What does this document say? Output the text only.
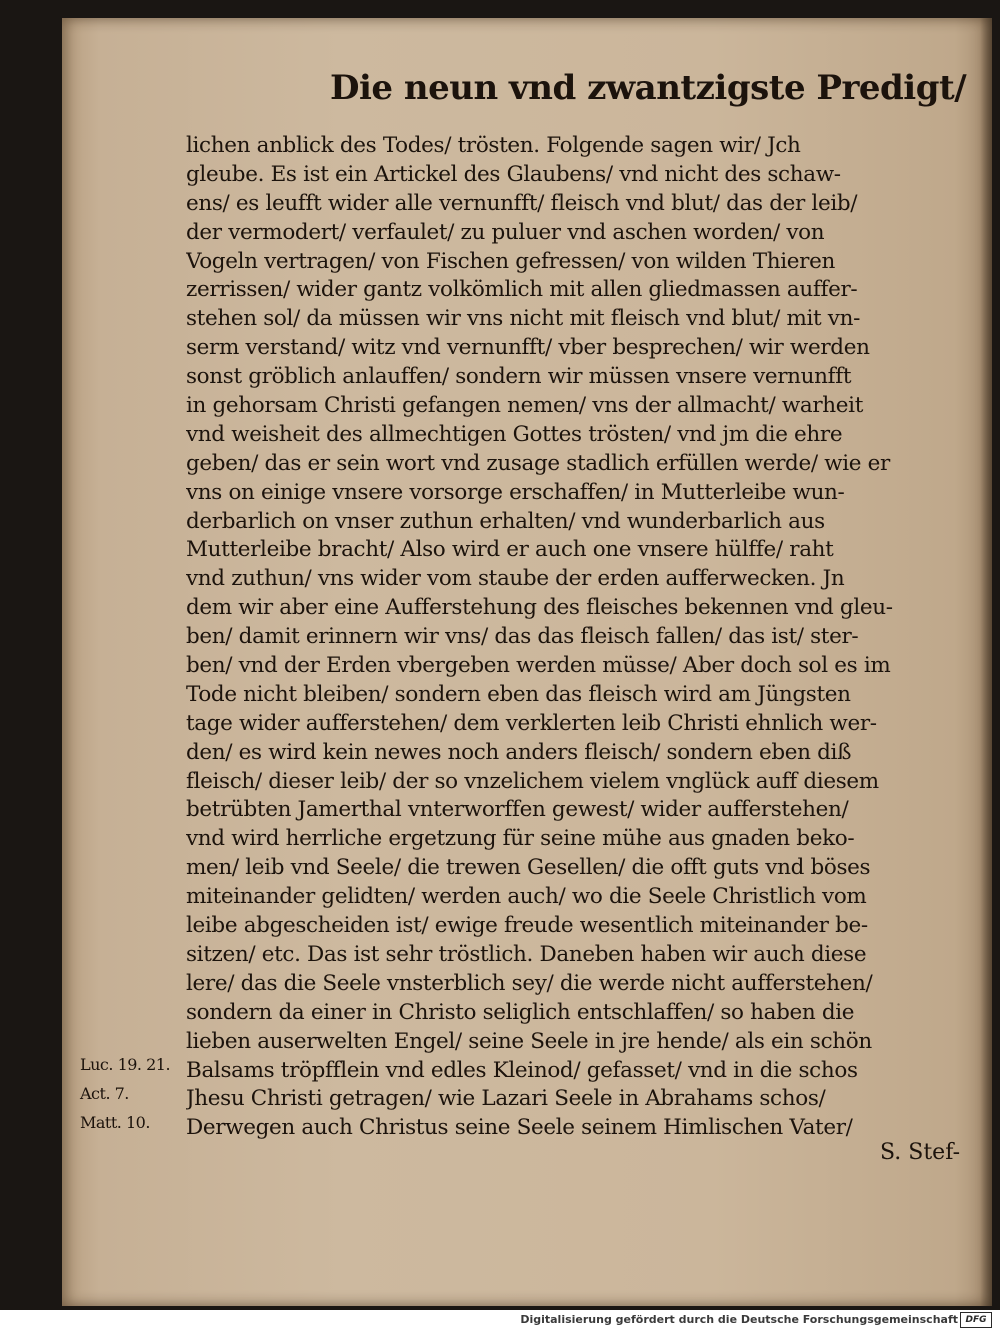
Die neun vnd zwantzigste Predigt/
lichen anblick des Todes/ trösten. Folgende sagen wir/ Jch
gleube. Es ist ein Artickel des Glaubens/ vnd nicht des schaw-
ens/ es leufft wider alle vernunfft/ fleisch vnd blut/ das der leib/
der vermodert/ verfaulet/ zu puluer vnd aschen worden/ von
Vogeln vertragen/ von Fischen gefressen/ von wilden Thieren
zerrissen/ wider gantz volkömlich mit allen gliedmassen auffer-
stehen sol/ da müssen wir vns nicht mit fleisch vnd blut/ mit vn-
serm verstand/ witz vnd vernunfft/ vber besprechen/ wir werden
sonst gröblich anlauffen/ sondern wir müssen vnsere vernunfft
in gehorsam Christi gefangen nemen/ vns der allmacht/ warheit
vnd weisheit des allmechtigen Gottes trösten/ vnd jm die ehre
geben/ das er sein wort vnd zusage stadlich erfüllen werde/ wie er
vns on einige vnsere vorsorge erschaffen/ in Mutterleibe wun-
derbarlich on vnser zuthun erhalten/ vnd wunderbarlich aus
Mutterleibe bracht/ Also wird er auch one vnsere hülffe/ raht
vnd zuthun/ vns wider vom staube der erden aufferwecken. Jn
dem wir aber eine Aufferstehung des fleisches bekennen vnd gleu-
ben/ damit erinnern wir vns/ das das fleisch fallen/ das ist/ ster-
ben/ vnd der Erden vbergeben werden müsse/ Aber doch sol es im
Tode nicht bleiben/ sondern eben das fleisch wird am Jüngsten
tage wider aufferstehen/ dem verklerten leib Christi ehnlich wer-
den/ es wird kein newes noch anders fleisch/ sondern eben diß
fleisch/ dieser leib/ der so vnzelichem vielem vnglück auff diesem
betrübten Jamerthal vnterworffen gewest/ wider aufferstehen/
vnd wird herrliche ergetzung für seine mühe aus gnaden beko-
men/ leib vnd Seele/ die trewen Gesellen/ die offt guts vnd böses
miteinander gelidten/ werden auch/ wo die Seele Christlich vom
leibe abgescheiden ist/ ewige freude wesentlich miteinander be-
sitzen/ etc. Das ist sehr tröstlich. Daneben haben wir auch diese
lere/ das die Seele vnsterblich sey/ die werde nicht aufferstehen/
sondern da einer in Christo seliglich entschlaffen/ so haben die
lieben auserwelten Engel/ seine Seele in jre hende/ als ein schön
Balsams tröpfflein vnd edles Kleinod/ gefasset/ vnd in die schos
Jhesu Christi getragen/ wie Lazari Seele in Abrahams schos/
Derwegen auch Christus seine Seele seinem Himlischen Vater/
Luc. 19. 21.
Act. 7.
Matt. 10.
S. Stef-
Digitalisierung gefördert durch die Deutsche Forschungsgemeinschaft DFG
